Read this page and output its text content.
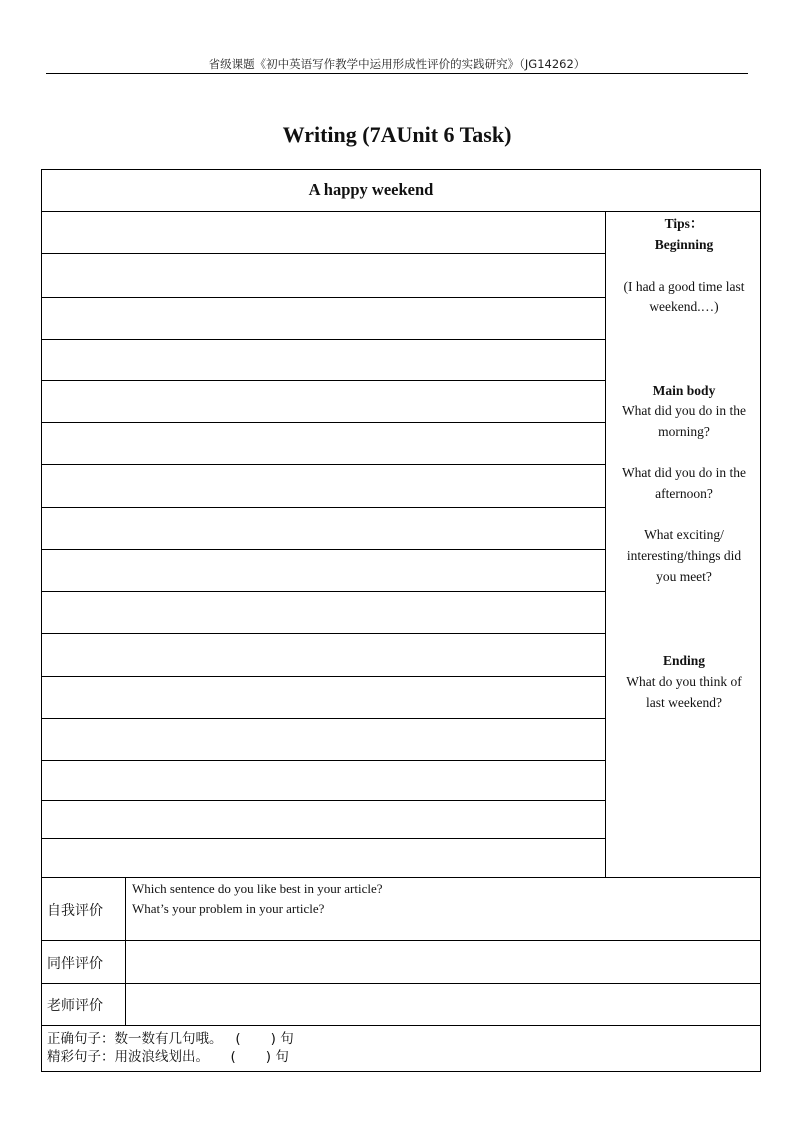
省级课题《初中英语写作教学中运用形成性评价的实践研究》（JG14262）
Writing (7AUnit 6 Task)
A happy weekend
Tips：
Beginning
(I had a good time last
weekend.…)
Main body
What did you do in the
morning?
What did you do in the
afternoon?
What exciting/
interesting/things did
you meet?
Ending
What do you think of
last weekend?
自我评价
Which sentence do you like best in your article?
What’s your problem in your article?
同伴评价
老师评价
正确句子：数一数有几句哦。   (       ) 句
精彩句子：用波浪线划出。     (       ) 句
